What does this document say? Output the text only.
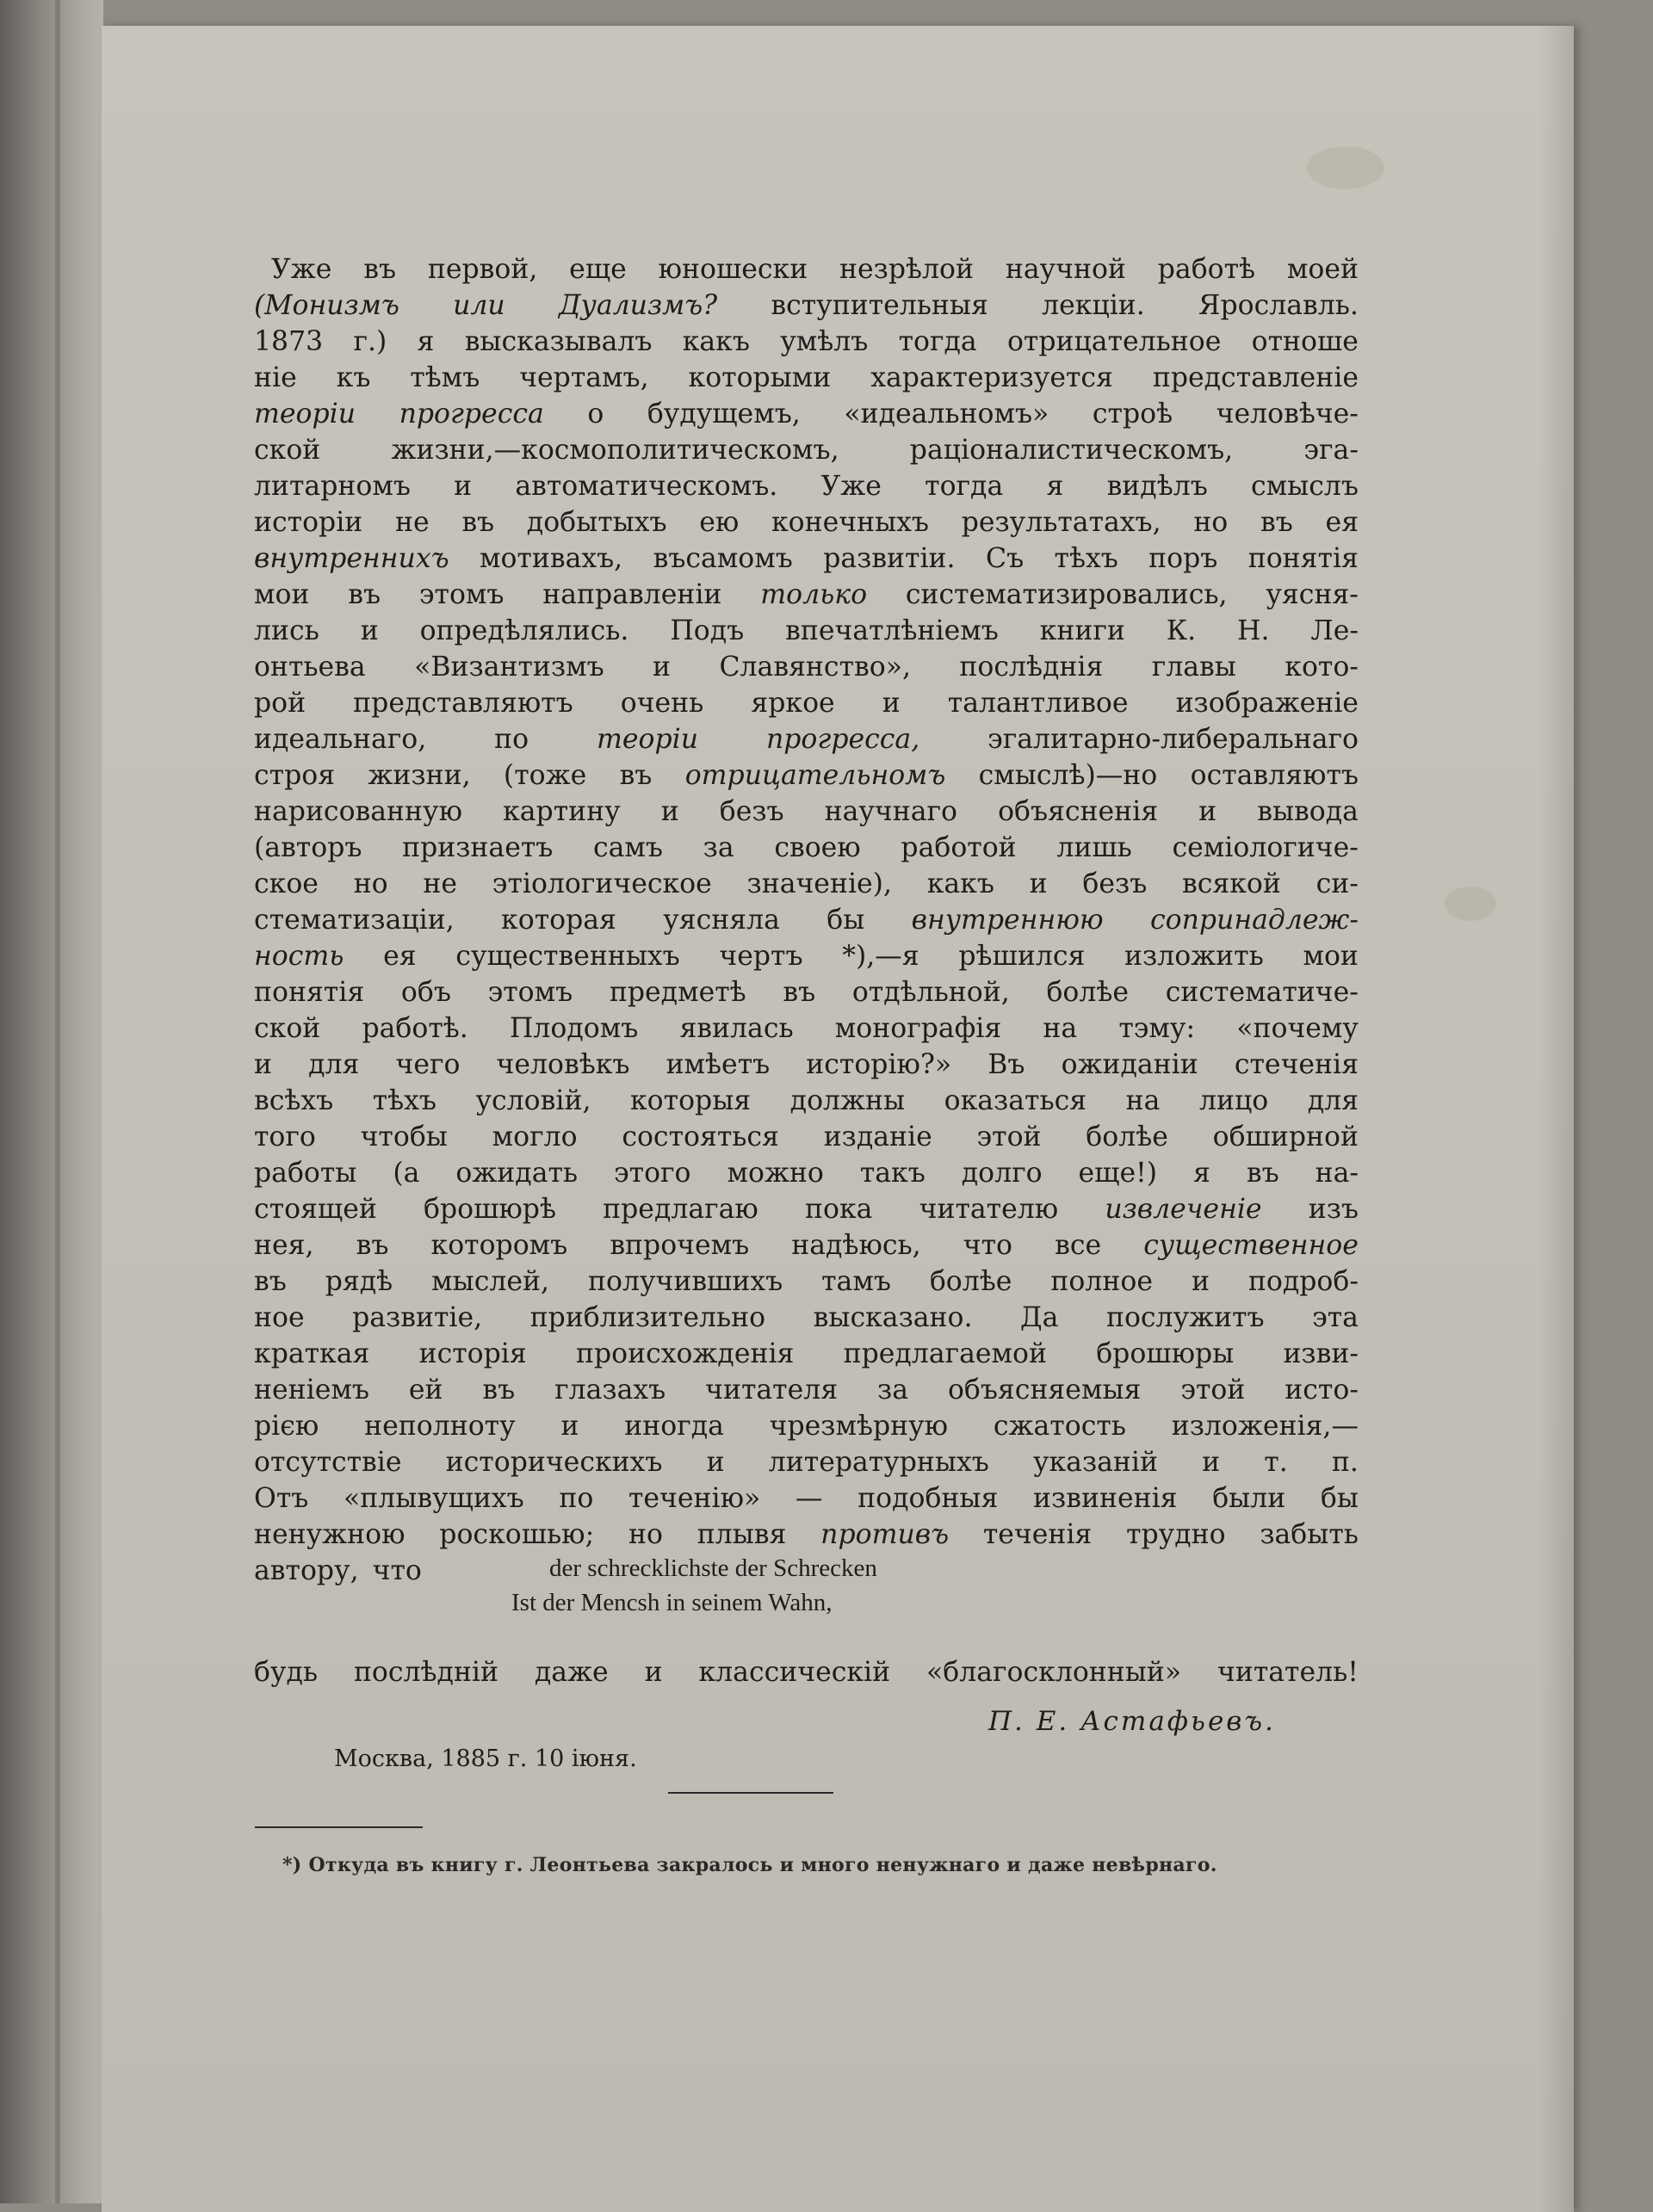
Уже въ первой, еще юношески незрѣлой научной работѣ моей
(Монизмъ или Дуализмъ? вступительныя лекціи. Ярославль.
1873 г.) я высказывалъ какъ умѣлъ тогда отрицательное отноше
ніе къ тѣмъ чертамъ, которыми характеризуется представленіе
теоріи прогресса о будущемъ, «идеальномъ» строѣ человѣче-
ской	жизни,—космополитическомъ,	раціоналистическомъ,	эга-
литарномъ и автоматическомъ. Уже тогда я видѣлъ смыслъ
исторіи не въ добытыхъ ею конечныхъ результатахъ, но въ ея
внутреннихъ мотивахъ, въсамомъ развитіи. Съ тѣхъ поръ понятія
мои въ этомъ направленіи только систематизировались, уясня-
лись и опредѣлялись. Подъ впечатлѣніемъ книги К. Н. Ле-
онтьева «Византизмъ и Славянство», послѣднія главы кото-
рой представляютъ очень яркое и талантливое изображеніе
идеальнаго,	по	теоріи	прогресса,	эгалитарно-либеральнаго
строя жизни, (тоже въ отрицательномъ смыслѣ)—но оставляютъ
нарисованную картину и безъ научнаго объясненія и вывода
(авторъ признаетъ самъ за своею работой лишь семіологиче-
ское но не этіологическое значеніе), какъ и безъ всякой си-
стематизаціи, которая уясняла бы внутреннюю сопринадлеж-
ность ея существенныхъ чертъ *),—я рѣшился изложить мои
понятія объ этомъ предметѣ въ отдѣльной, болѣе систематиче-
ской работѣ. Плодомъ явилась монографія на тэму: «почему
и для чего человѣкъ имѣетъ исторію?» Въ ожиданіи стеченія
всѣхъ тѣхъ условій, которыя должны оказаться на лицо для
того чтобы могло состояться изданіе этой болѣе обширной
работы (а ожидать этого можно такъ долго еще!) я въ на-
стоящей брошюрѣ предлагаю пока читателю извлеченіе изъ
нея, въ которомъ впрочемъ надѣюсь, что все существенное
въ рядѣ мыслей, получившихъ тамъ болѣе полное и подроб-
ное развитіе, приблизительно высказано. Да послужитъ эта
краткая исторія происхожденія предлагаемой брошюры изви-
неніемъ ей въ глазахъ читателя за объясняемыя этой исто-
рією неполноту и иногда чрезмѣрную сжатость изложенія,—
отсутствіе историческихъ и литературныхъ указаній и т. п.
Отъ «плывущихъ по теченію» — подобныя извиненія были бы
ненужною роскошью; но плывя противъ теченія трудно забыть
автору, что	der schrecklichste der Schrecken
Ist der Mencsh in seinem Wahn,
будь послѣдній даже и классическій «благосклонный» читатель!
П. Е. Астафьевъ.
Москва, 1885 г. 10 іюня.
*) Откуда въ книгу г. Леонтьева закралось и много ненужнаго и даже невѣрнаго.
